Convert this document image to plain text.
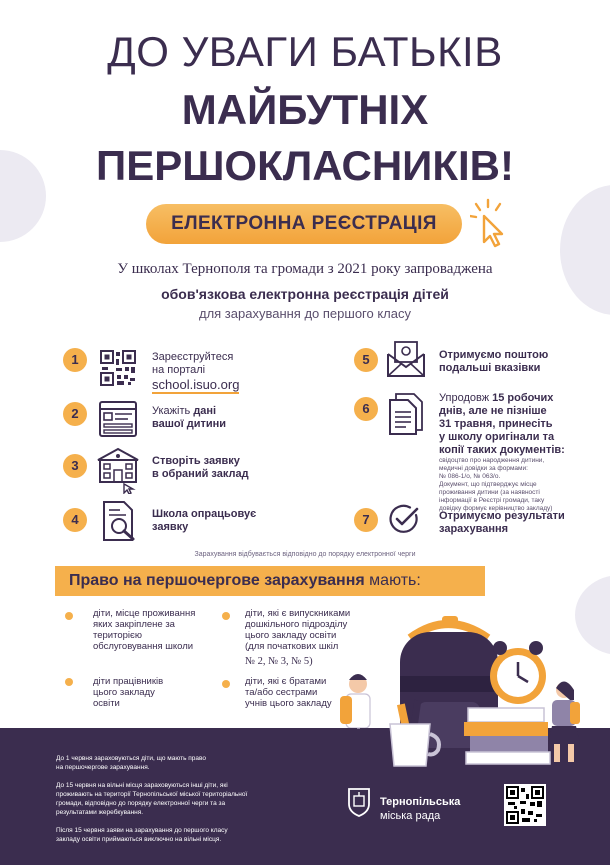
ДО УВАГИ БАТЬКІВ
МАЙБУТНІХ
ПЕРШОКЛАСНИКІВ!
ЕЛЕКТРОННА РЕЄСТРАЦІЯ
У школах Тернополя та громади з 2021 року запроваджена
обов'язкова електронна реєстрація дітей
для зарахування до першого класу
1	Зареєструйтеся
на порталі
school.isuo.org
2	Укажіть дані
вашої дитини
3	Створіть заявку
в обраний заклад
4	Школа опрацьовує
заявку
5	Отримуємо поштою
подальші вказівки
6
Упродовж 15 робочих
днів, але не пізніше
31 травня, принесіть
у школу оригінали та
копії таких документів:
свідоцтво про народження дитини,
медичні довідки за формами:
№ 086-1/о, № 063/о.
Документ, що підтверджує місце
проживання дитини (за наявності
інформації в Реєстрі громади, таку
довідку формує керівництво закладу)
7	Отримуємо результати
зарахування
Зарахування відбувається відповідно до порядку електронної черги
Право на першочергове зарахування мають:
діти, місце проживання
яких закріплене за
територією
обслуговування школи
діти, які є випускниками
дошкільного підрозділу
цього закладу освіти
(для початкових шкіл
№ 2, № 3, № 5)
діти працівників
цього закладу
освіти
діти, які є братами
та/або сестрами
учнів цього закладу
До 1 червня зараховуються діти, що мають право
на першочергове зарахування.
До 15 червня на вільні місця зараховуються інші діти, які
проживають на території Тернопільської міської територіальної
громади, відповідно до порядку електронної черги та за
результатами жеребкування.
Після 15 червня заяви на зарахування до першого класу
закладу освіти приймаються виключно на вільні місця.
Тернопільська
міська рада
